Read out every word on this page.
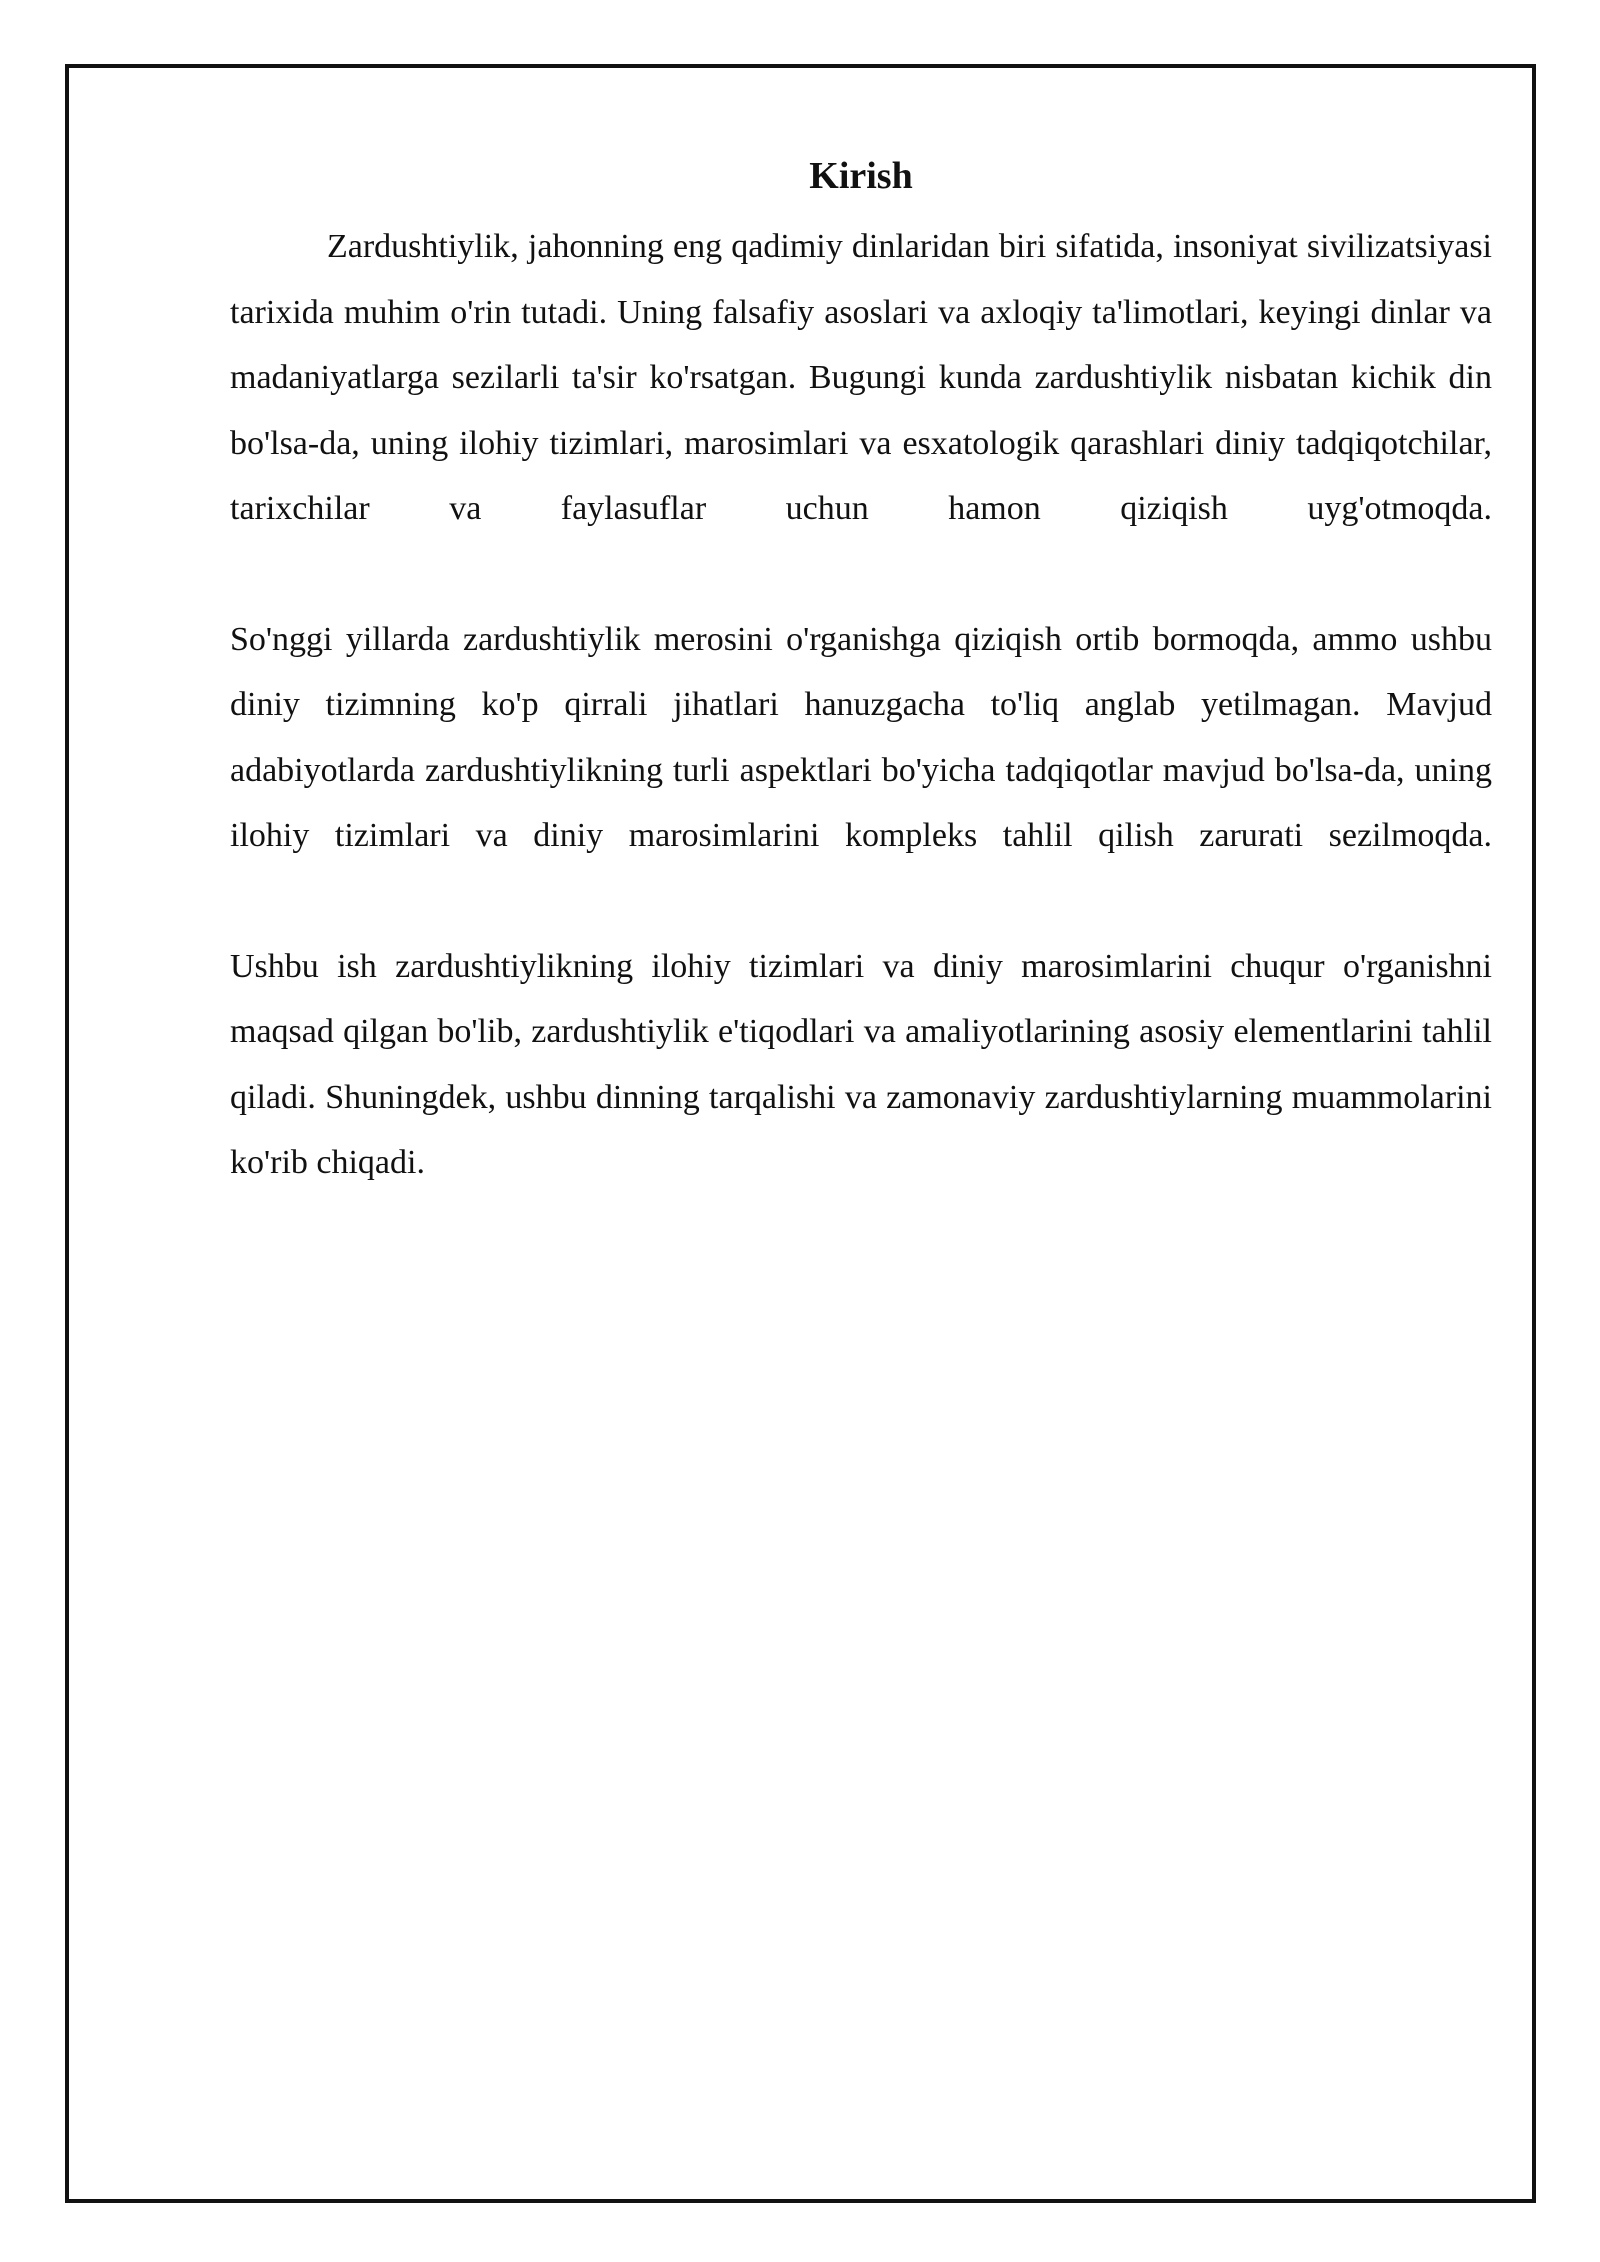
Kirish

Zardushtiylik, jahonning eng qadimiy dinlaridan biri sifatida, insoniyat sivilizatsiyasi tarixida muhim o'rin tutadi. Uning falsafiy asoslari va axloqiy ta'limotlari, keyingi dinlar va madaniyatlarga sezilarli ta'sir ko'rsatgan. Bugungi kunda zardushtiylik nisbatan kichik din bo'lsa-da, uning ilohiy tizimlari, marosimlari va esxatologik qarashlari diniy tadqiqotchilar, tarixchilar va faylasuflar uchun hamon qiziqish uyg'otmoqda.

So'nggi yillarda zardushtiylik merosini o'rganishga qiziqish ortib bormoqda, ammo ushbu diniy tizimning ko'p qirrali jihatlari hanuzgacha to'liq anglab yetilmagan. Mavjud adabiyotlarda zardushtiylikning turli aspektlari bo'yicha tadqiqotlar mavjud bo'lsa-da, uning ilohiy tizimlari va diniy marosimlarini kompleks tahlil qilish zarurati sezilmoqda.

Ushbu ish zardushtiylikning ilohiy tizimlari va diniy marosimlarini chuqur o'rganishni maqsad qilgan bo'lib, zardushtiylik e'tiqodlari va amaliyotlarining asosiy elementlarini tahlil qiladi. Shuningdek, ushbu dinning tarqalishi va zamonaviy zardushtiylarning muammolarini ko'rib chiqadi.
